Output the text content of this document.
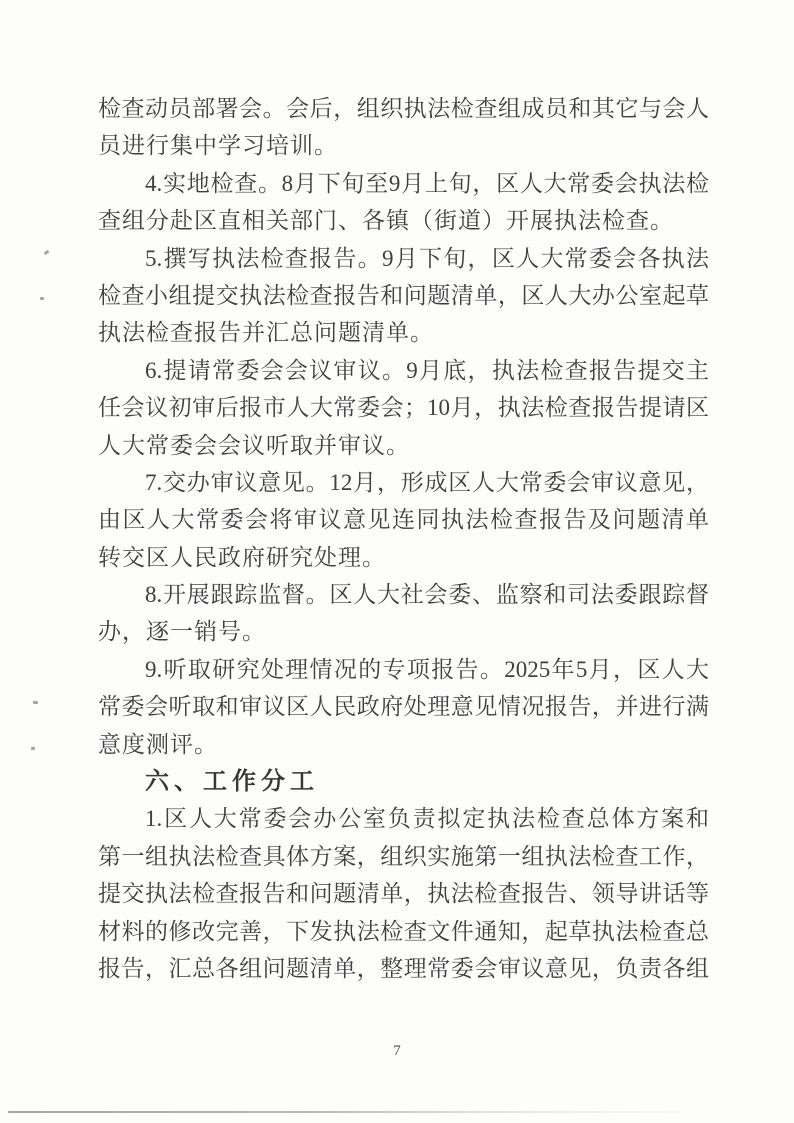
检查动员部署会。会后，组织执法检查组成员和其它与会人
员进行集中学习培训。
4.实地检查。8月下旬至9月上旬，区人大常委会执法检
查组分赴区直相关部门、各镇（街道）开展执法检查。
5.撰写执法检查报告。9月下旬，区人大常委会各执法
检查小组提交执法检查报告和问题清单，区人大办公室起草
执法检查报告并汇总问题清单。
6.提请常委会会议审议。9月底，执法检查报告提交主
任会议初审后报市人大常委会；10月，执法检查报告提请区
人大常委会会议听取并审议。
7.交办审议意见。12月，形成区人大常委会审议意见，
由区人大常委会将审议意见连同执法检查报告及问题清单
转交区人民政府研究处理。
8.开展跟踪监督。区人大社会委、监察和司法委跟踪督
办，逐一销号。
9.听取研究处理情况的专项报告。2025年5月，区人大
常委会听取和审议区人民政府处理意见情况报告，并进行满
意度测评。
六、工作分工
1.区人大常委会办公室负责拟定执法检查总体方案和
第一组执法检查具体方案，组织实施第一组执法检查工作，
提交执法检查报告和问题清单，执法检查报告、领导讲话等
材料的修改完善，下发执法检查文件通知，起草执法检查总
报告，汇总各组问题清单，整理常委会审议意见，负责各组
7
